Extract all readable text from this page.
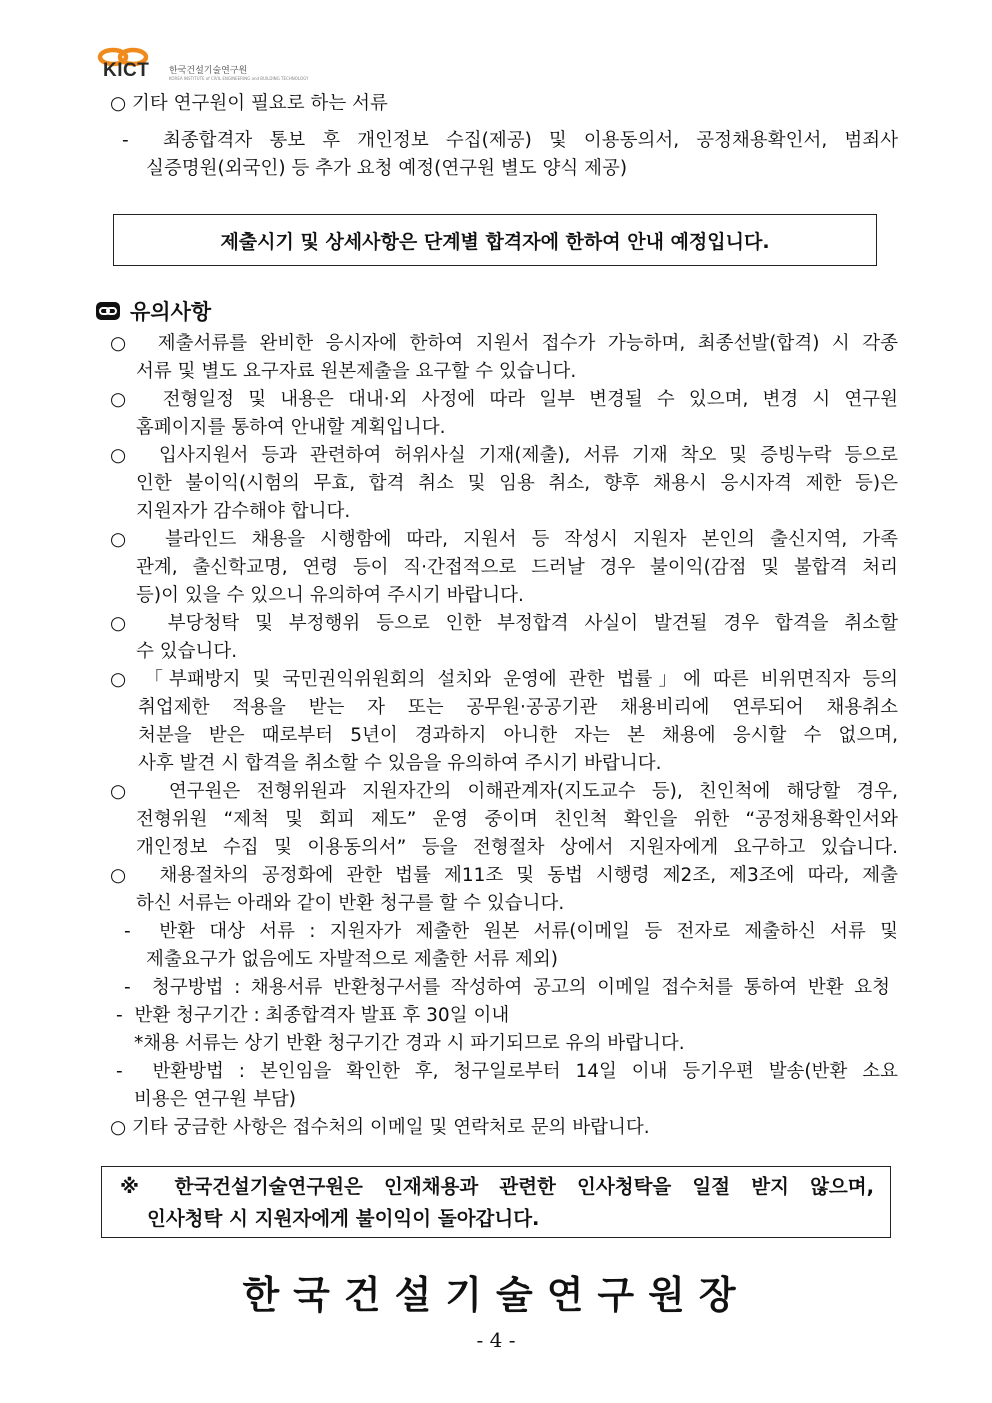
KICT 한국건설기술연구원
KOREA INSTITUTE of CIVIL ENGINEERING and BUILDING TECHNOLOGY
○ 기타 연구원이 필요로 하는 서류
- 최종합격자 통보 후 개인정보 수집(제공) 및 이용동의서, 공정채용확인서, 범죄사
실증명원(외국인) 등 추가 요청 예정(연구원 별도 양식 제공)
제출시기 및 상세사항은 단계별 합격자에 한하여 안내 예정입니다.
유의사항
○ 제출서류를 완비한 응시자에 한하여 지원서 접수가 가능하며, 최종선발(합격) 시 각종
서류 및 별도 요구자료 원본제출을 요구할 수 있습니다.
○ 전형일정 및 내용은 대내·외 사정에 따라 일부 변경될 수 있으며, 변경 시 연구원
홈페이지를 통하여 안내할 계획입니다.
○ 입사지원서 등과 관련하여 허위사실 기재(제출), 서류 기재 착오 및 증빙누락 등으로
인한 불이익(시험의 무효, 합격 취소 및 임용 취소, 향후 채용시 응시자격 제한 등)은
지원자가 감수해야 합니다.
○ 블라인드 채용을 시행함에 따라, 지원서 등 작성시 지원자 본인의 출신지역, 가족
관계, 출신학교명, 연령 등이 직·간접적으로 드러날 경우 불이익(감점 및 불합격 처리
등)이 있을 수 있으니 유의하여 주시기 바랍니다.
○ 부당청탁 및 부정행위 등으로 인한 부정합격 사실이 발견될 경우 합격을 취소할
수 있습니다.
○ 「부패방지 및 국민권익위원회의 설치와 운영에 관한 법률」에 따른 비위면직자 등의
취업제한 적용을 받는 자 또는 공무원·공공기관 채용비리에 연루되어 채용취소
처분을 받은 때로부터 5년이 경과하지 아니한 자는 본 채용에 응시할 수 없으며,
사후 발견 시 합격을 취소할 수 있음을 유의하여 주시기 바랍니다.
○ 연구원은 전형위원과 지원자간의 이해관계자(지도교수 등), 친인척에 해당할 경우,
전형위원 “제척 및 회피 제도” 운영 중이며 친인척 확인을 위한 “공정채용확인서와
개인정보 수집 및 이용동의서” 등을 전형절차 상에서 지원자에게 요구하고 있습니다.
○ 채용절차의 공정화에 관한 법률 제11조 및 동법 시행령 제2조, 제3조에 따라, 제출
하신 서류는 아래와 같이 반환 청구를 할 수 있습니다.
- 반환 대상 서류 : 지원자가 제출한 원본 서류(이메일 등 전자로 제출하신 서류 및
제출요구가 없음에도 자발적으로 제출한 서류 제외)
- 청구방법 : 채용서류 반환청구서를 작성하여 공고의 이메일 접수처를 통하여 반환 요청
- 반환 청구기간 : 최종합격자 발표 후 30일 이내
*채용 서류는 상기 반환 청구기간 경과 시 파기되므로 유의 바랍니다.
- 반환방법 : 본인임을 확인한 후, 청구일로부터 14일 이내 등기우편 발송(반환 소요
비용은 연구원 부담)
○ 기타 궁금한 사항은 접수처의 이메일 및 연락처로 문의 바랍니다.
※ 한국건설기술연구원은 인재채용과 관련한 인사청탁을 일절 받지 않으며,
인사청탁 시 지원자에게 불이익이 돌아갑니다.
한국건설기술연구원장
- 4 -
